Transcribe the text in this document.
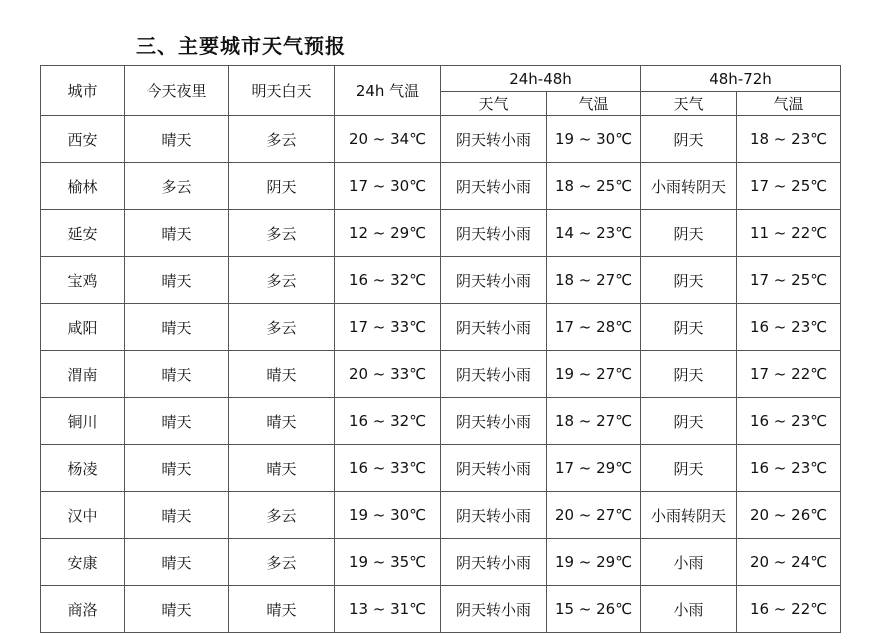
三、主要城市天气预报
城市	今天夜里	明天白天	24h 气温	24h-48h		48h-72h	
				天气	气温	天气	气温
西安	晴天	多云	20 ~ 34℃	阴天转小雨	19 ~ 30℃	阴天	18 ~ 23℃
榆林	多云	阴天	17 ~ 30℃	阴天转小雨	18 ~ 25℃	小雨转阴天	17 ~ 25℃
延安	晴天	多云	12 ~ 29℃	阴天转小雨	14 ~ 23℃	阴天	11 ~ 22℃
宝鸡	晴天	多云	16 ~ 32℃	阴天转小雨	18 ~ 27℃	阴天	17 ~ 25℃
咸阳	晴天	多云	17 ~ 33℃	阴天转小雨	17 ~ 28℃	阴天	16 ~ 23℃
渭南	晴天	晴天	20 ~ 33℃	阴天转小雨	19 ~ 27℃	阴天	17 ~ 22℃
铜川	晴天	晴天	16 ~ 32℃	阴天转小雨	18 ~ 27℃	阴天	16 ~ 23℃
杨凌	晴天	晴天	16 ~ 33℃	阴天转小雨	17 ~ 29℃	阴天	16 ~ 23℃
汉中	晴天	多云	19 ~ 30℃	阴天转小雨	20 ~ 27℃	小雨转阴天	20 ~ 26℃
安康	晴天	多云	19 ~ 35℃	阴天转小雨	19 ~ 29℃	小雨	20 ~ 24℃
商洛	晴天	晴天	13 ~ 31℃	阴天转小雨	15 ~ 26℃	小雨	16 ~ 22℃
